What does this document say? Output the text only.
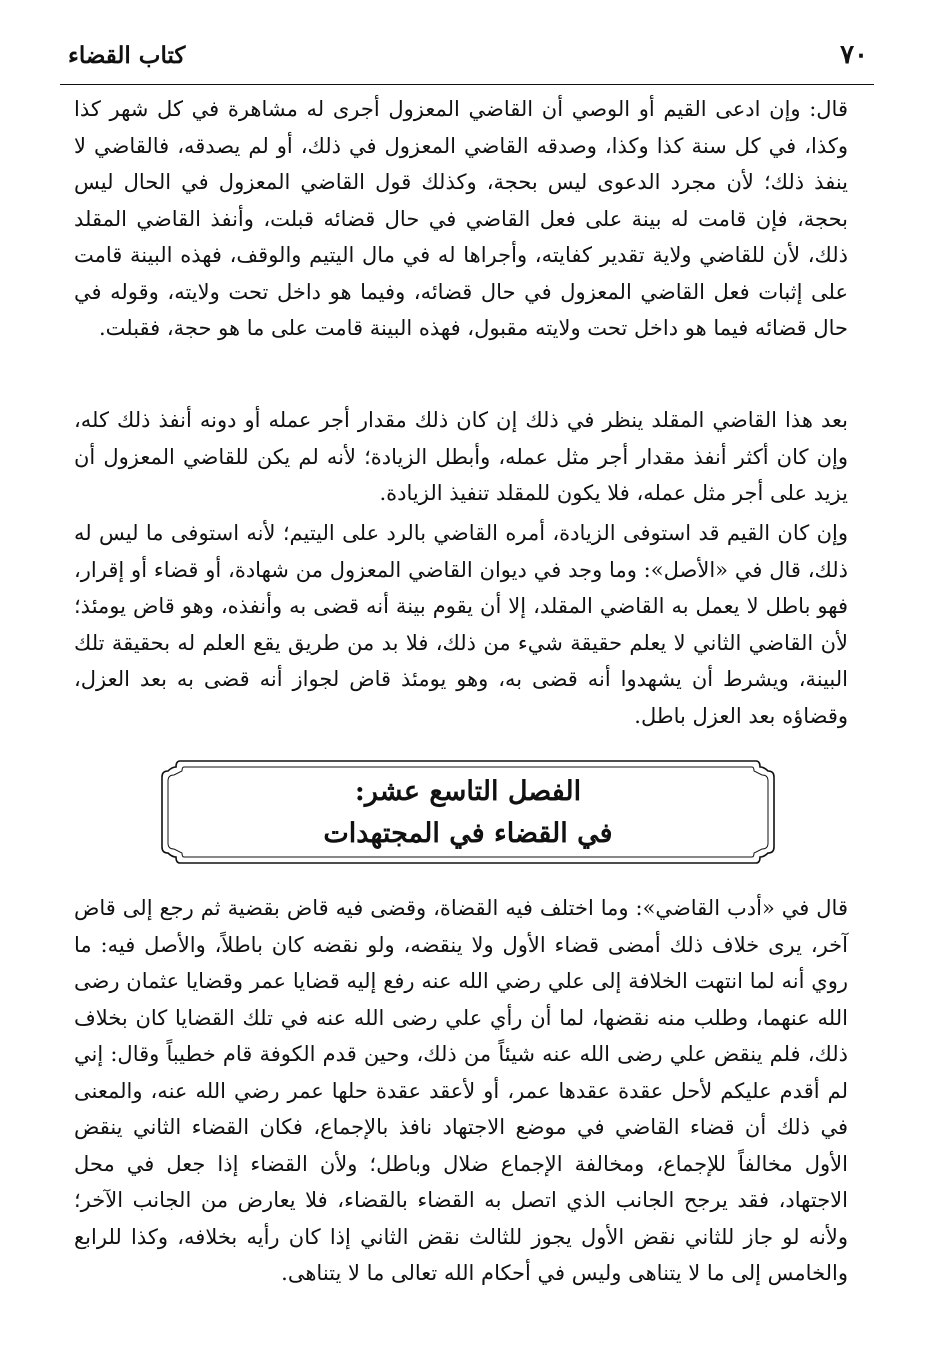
٧٠
كتاب القضاء

قال: وإن ادعى القيم أو الوصي أن القاضي المعزول أجرى له مشاهرة في كل شهر كذا وكذا، في كل سنة كذا وكذا، وصدقه القاضي المعزول في ذلك، أو لم يصدقه، فالقاضي لا ينفذ ذلك؛ لأن مجرد الدعوى ليس بحجة، وكذلك قول القاضي المعزول في الحال ليس بحجة، فإن قامت له بينة على فعل القاضي في حال قضائه قبلت، وأنفذ القاضي المقلد ذلك، لأن للقاضي ولاية تقدير كفايته، وأجراها له في مال اليتيم والوقف، فهذه البينة قامت على إثبات فعل القاضي المعزول في حال قضائه، وفيما هو داخل تحت ولايته، وقوله في حال قضائه فيما هو داخل تحت ولايته مقبول، فهذه البينة قامت على ما هو حجة، فقبلت.

بعد هذا القاضي المقلد ينظر في ذلك إن كان ذلك مقدار أجر عمله أو دونه أنفذ ذلك كله، وإن كان أكثر أنفذ مقدار أجر مثل عمله، وأبطل الزيادة؛ لأنه لم يكن للقاضي المعزول أن يزيد على أجر مثل عمله، فلا يكون للمقلد تنفيذ الزيادة.

وإن كان القيم قد استوفى الزيادة، أمره القاضي بالرد على اليتيم؛ لأنه استوفى ما ليس له ذلك، قال في «الأصل»: وما وجد في ديوان القاضي المعزول من شهادة، أو قضاء أو إقرار، فهو باطل لا يعمل به القاضي المقلد، إلا أن يقوم بينة أنه قضى به وأنفذه، وهو قاض يومئذ؛ لأن القاضي الثاني لا يعلم حقيقة شيء من ذلك، فلا بد من طريق يقع العلم له بحقيقة تلك البينة، ويشرط أن يشهدوا أنه قضى به، وهو يومئذ قاض لجواز أنه قضى به بعد العزل، وقضاؤه بعد العزل باطل.

الفصل التاسع عشر:
في القضاء في المجتهدات

قال في «أدب القاضي»: وما اختلف فيه القضاة، وقضى فيه قاض بقضية ثم رجع إلى قاض آخر، يرى خلاف ذلك أمضى قضاء الأول ولا ينقضه، ولو نقضه كان باطلاً، والأصل فيه: ما روي أنه لما انتهت الخلافة إلى علي رضي الله عنه رفع إليه قضايا عمر وقضايا عثمان رضى الله عنهما، وطلب منه نقضها، لما أن رأي علي رضى الله عنه في تلك القضايا كان بخلاف ذلك، فلم ينقض علي رضى الله عنه شيئاً من ذلك، وحين قدم الكوفة قام خطيباً وقال: إني لم أقدم عليكم لأحل عقدة عقدها عمر، أو لأعقد عقدة حلها عمر رضي الله عنه، والمعنى في ذلك أن قضاء القاضي في موضع الاجتهاد نافذ بالإجماع، فكان القضاء الثاني ينقض الأول مخالفاً للإجماع، ومخالفة الإجماع ضلال وباطل؛ ولأن القضاء إذا جعل في محل الاجتهاد، فقد يرجح الجانب الذي اتصل به القضاء بالقضاء، فلا يعارض من الجانب الآخر؛ ولأنه لو جاز للثاني نقض الأول يجوز للثالث نقض الثاني إذا كان رأيه بخلافه، وكذا للرابع والخامس إلى ما لا يتناهى وليس في أحكام الله تعالى ما لا يتناهى.
